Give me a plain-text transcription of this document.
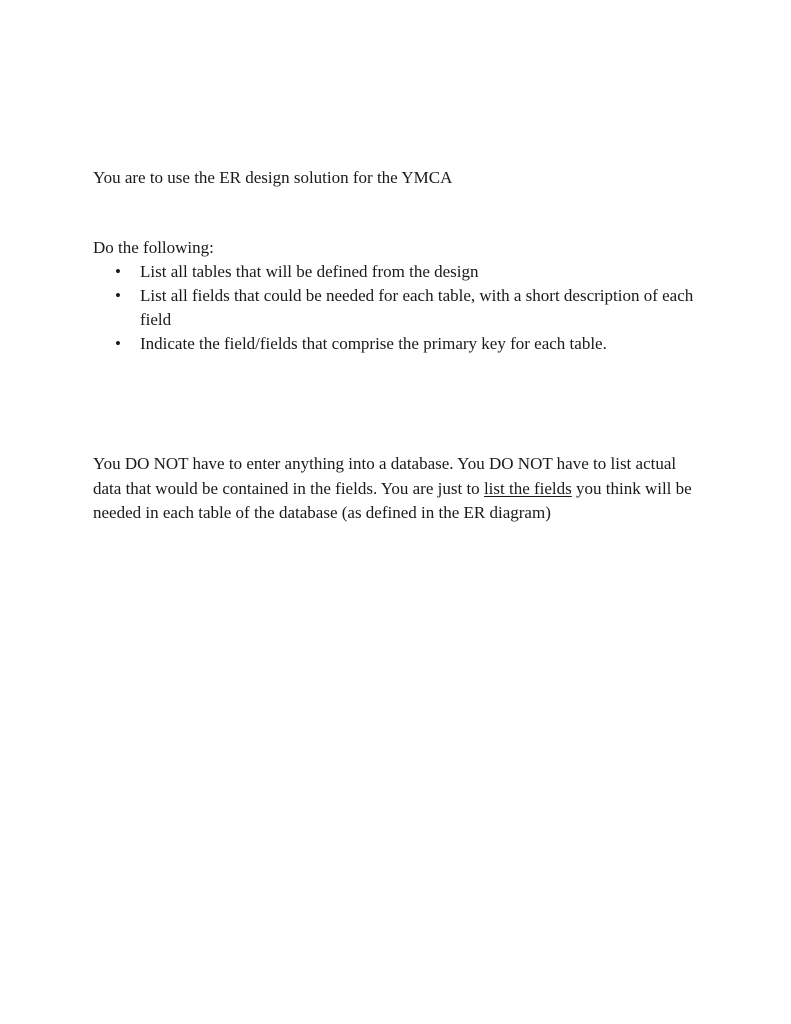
You are to use the ER design solution for the YMCA

Do the following:

• List all tables that will be defined from the design
• List all fields that could be needed for each table, with a short description of each field
• Indicate the field/fields that comprise the primary key for each table.

You DO NOT have to enter anything into a database. You DO NOT have to list actual data that would be contained in the fields. You are just to list the fields you think will be needed in each table of the database (as defined in the ER diagram)
